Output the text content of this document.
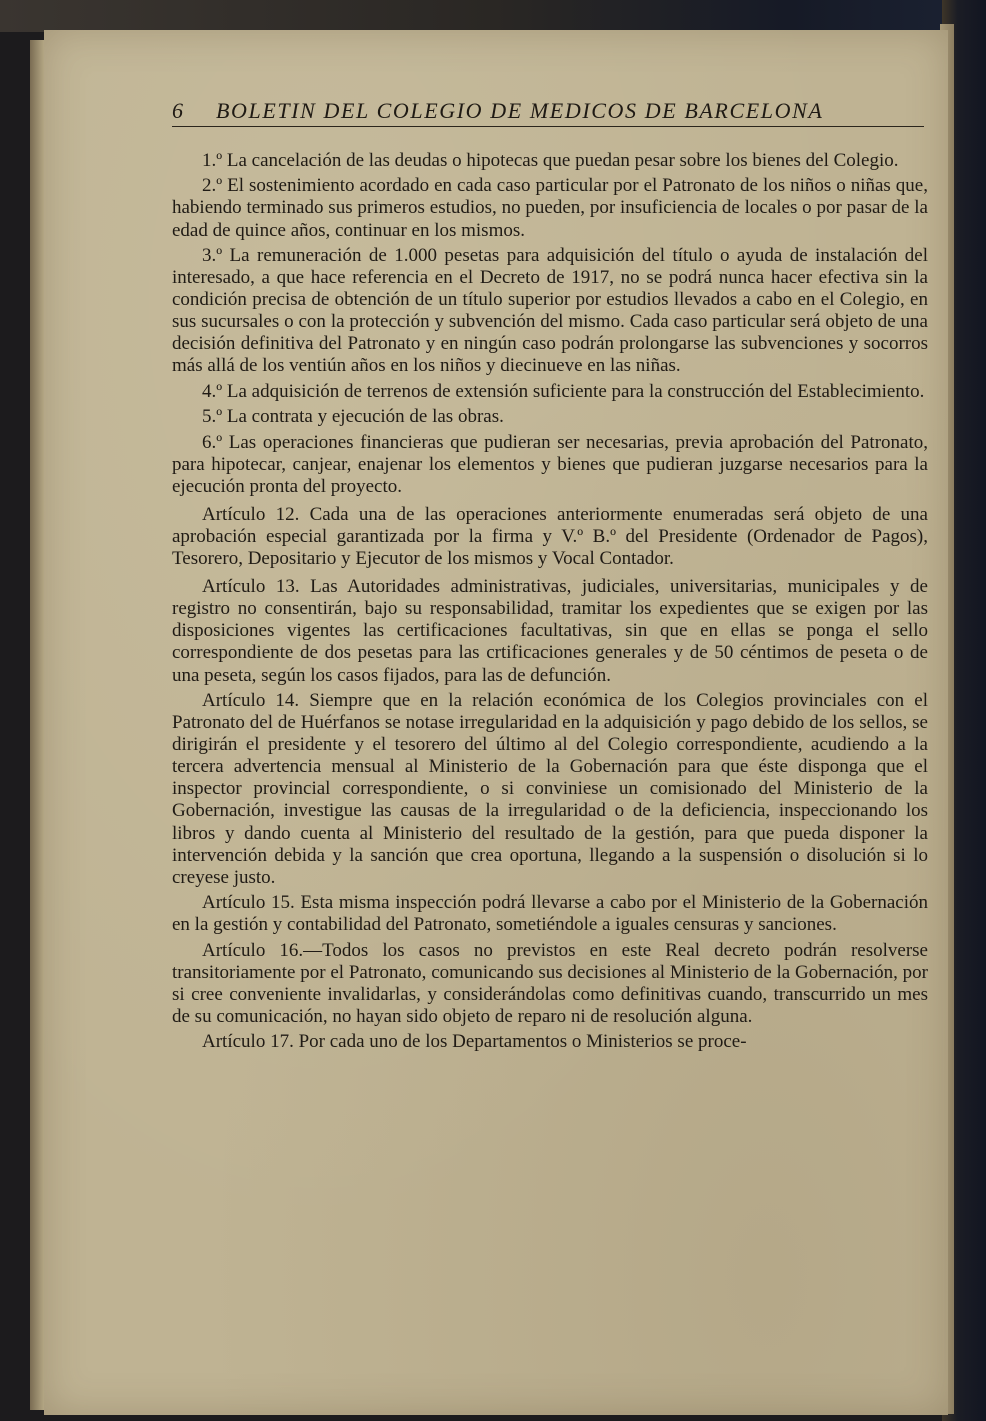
6 BOLETIN DEL COLEGIO DE MEDICOS DE BARCELONA

1.º La cancelación de las deudas o hipotecas que puedan pesar sobre los bienes del Colegio.

2.º El sostenimiento acordado en cada caso particular por el Patronato de los niños o niñas que, habiendo terminado sus primeros estudios, no pueden, por insuficiencia de locales o por pasar de la edad de quince años, continuar en los mismos.

3.º La remuneración de 1.000 pesetas para adquisición del título o ayuda de instalación del interesado, a que hace referencia en el Decreto de 1917, no se podrá nunca hacer efectiva sin la condición precisa de obtención de un título superior por estudios llevados a cabo en el Colegio, en sus sucursales o con la protección y subvención del mismo. Cada caso particular será objeto de una decisión definitiva del Patronato y en ningún caso podrán prolongarse las subvenciones y socorros más allá de los ventiún años en los niños y diecinueve en las niñas.

4.º La adquisición de terrenos de extensión suficiente para la construcción del Establecimiento.

5.º La contrata y ejecución de las obras.

6.º Las operaciones financieras que pudieran ser necesarias, previa aprobación del Patronato, para hipotecar, canjear, enajenar los elementos y bienes que pudieran juzgarse necesarios para la ejecución pronta del proyecto.

Artículo 12. Cada una de las operaciones anteriormente enumeradas será objeto de una aprobación especial garantizada por la firma y V.º B.º del Presidente (Ordenador de Pagos), Tesorero, Depositario y Ejecutor de los mismos y Vocal Contador.

Artículo 13. Las Autoridades administrativas, judiciales, universitarias, municipales y de registro no consentirán, bajo su responsabilidad, tramitar los expedientes que se exigen por las disposiciones vigentes las certificaciones facultativas, sin que en ellas se ponga el sello correspondiente de dos pesetas para las crtificaciones generales y de 50 céntimos de peseta o de una peseta, según los casos fijados, para las de defunción.

Artículo 14. Siempre que en la relación económica de los Colegios provinciales con el Patronato del de Huérfanos se notase irregularidad en la adquisición y pago debido de los sellos, se dirigirán el presidente y el tesorero del último al del Colegio correspondiente, acudiendo a la tercera advertencia mensual al Ministerio de la Gobernación para que éste disponga que el inspector provincial correspondiente, o si conviniese un comisionado del Ministerio de la Gobernación, investigue las causas de la irregularidad o de la deficiencia, inspeccionando los libros y dando cuenta al Ministerio del resultado de la gestión, para que pueda disponer la intervención debida y la sanción que crea oportuna, llegando a la suspensión o disolución si lo creyese justo.

Artículo 15. Esta misma inspección podrá llevarse a cabo por el Ministerio de la Gobernación en la gestión y contabilidad del Patronato, sometiéndole a iguales censuras y sanciones.

Artículo 16.—Todos los casos no previstos en este Real decreto podrán resolverse transitoriamente por el Patronato, comunicando sus decisiones al Ministerio de la Gobernación, por si cree conveniente invalidarlas, y considerándolas como definitivas cuando, transcurrido un mes de su comunicación, no hayan sido objeto de reparo ni de resolución alguna.

Artículo 17. Por cada uno de los Departamentos o Ministerios se proce-
